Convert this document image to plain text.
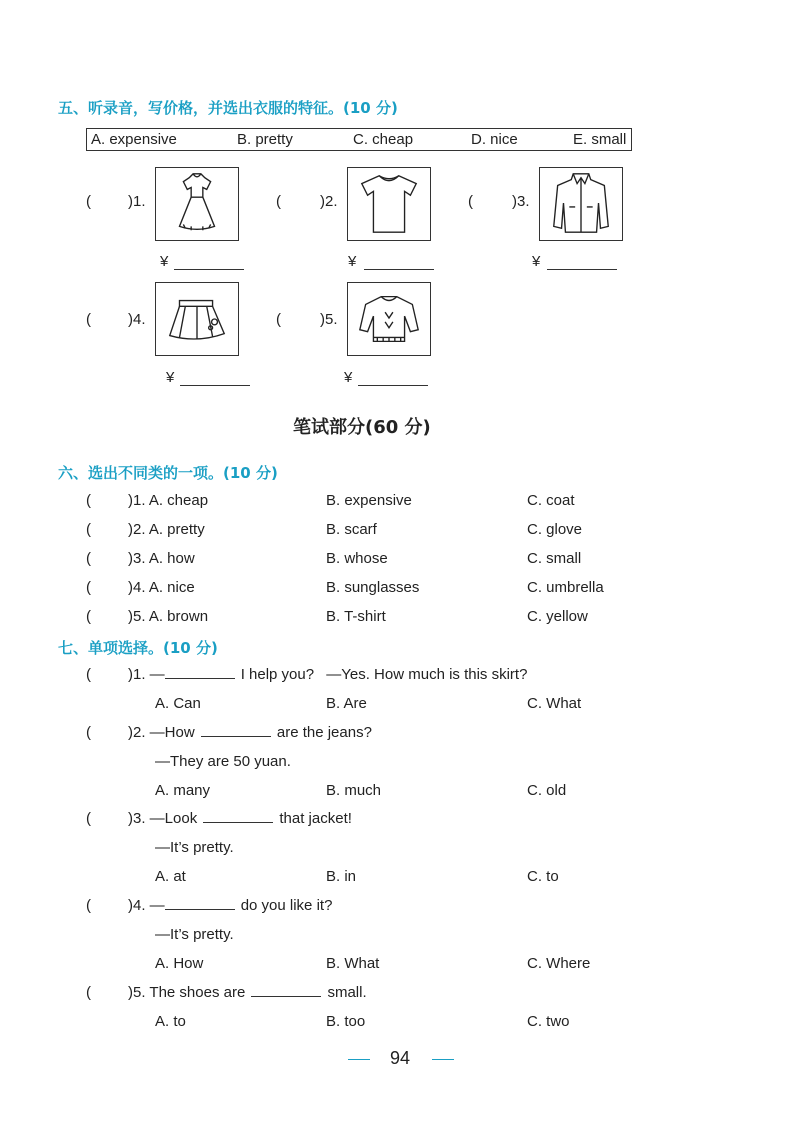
五、听录音，写价格，并选出衣服的特征。(10 分)
A. expensive	B. pretty	C. cheap	D. nice	E. small
( )1.
¥
(	)2.
¥
(	)3.
¥
( )4.
¥
(	)5.
¥
笔试部分(60 分)
六、选出不同类的一项。(10 分)
( )1. A. cheap	B. expensive	C. coat
( )2. A. pretty	B. scarf	C. glove
( )3. A. how	B. whose	C. small
( )4. A. nice	B. sunglasses	C. umbrella
( )5. A. brown	B. T-shirt	C. yellow
七、单项选择。(10 分)
( )1. —	I help you? —Yes. How much is this skirt?
A. Can	B. Are	C. What
( )2. —How	are the jeans?
—They are 50 yuan.
A. many	B. much	C. old
( )3. —Look	that jacket!
—It’s pretty.
A. at	B. in	C. to
( )4. —	do you like it?
—It’s pretty.
A. How	B. What	C. Where
( )5. The shoes are	small.
A. to	B. too	C. two
94
